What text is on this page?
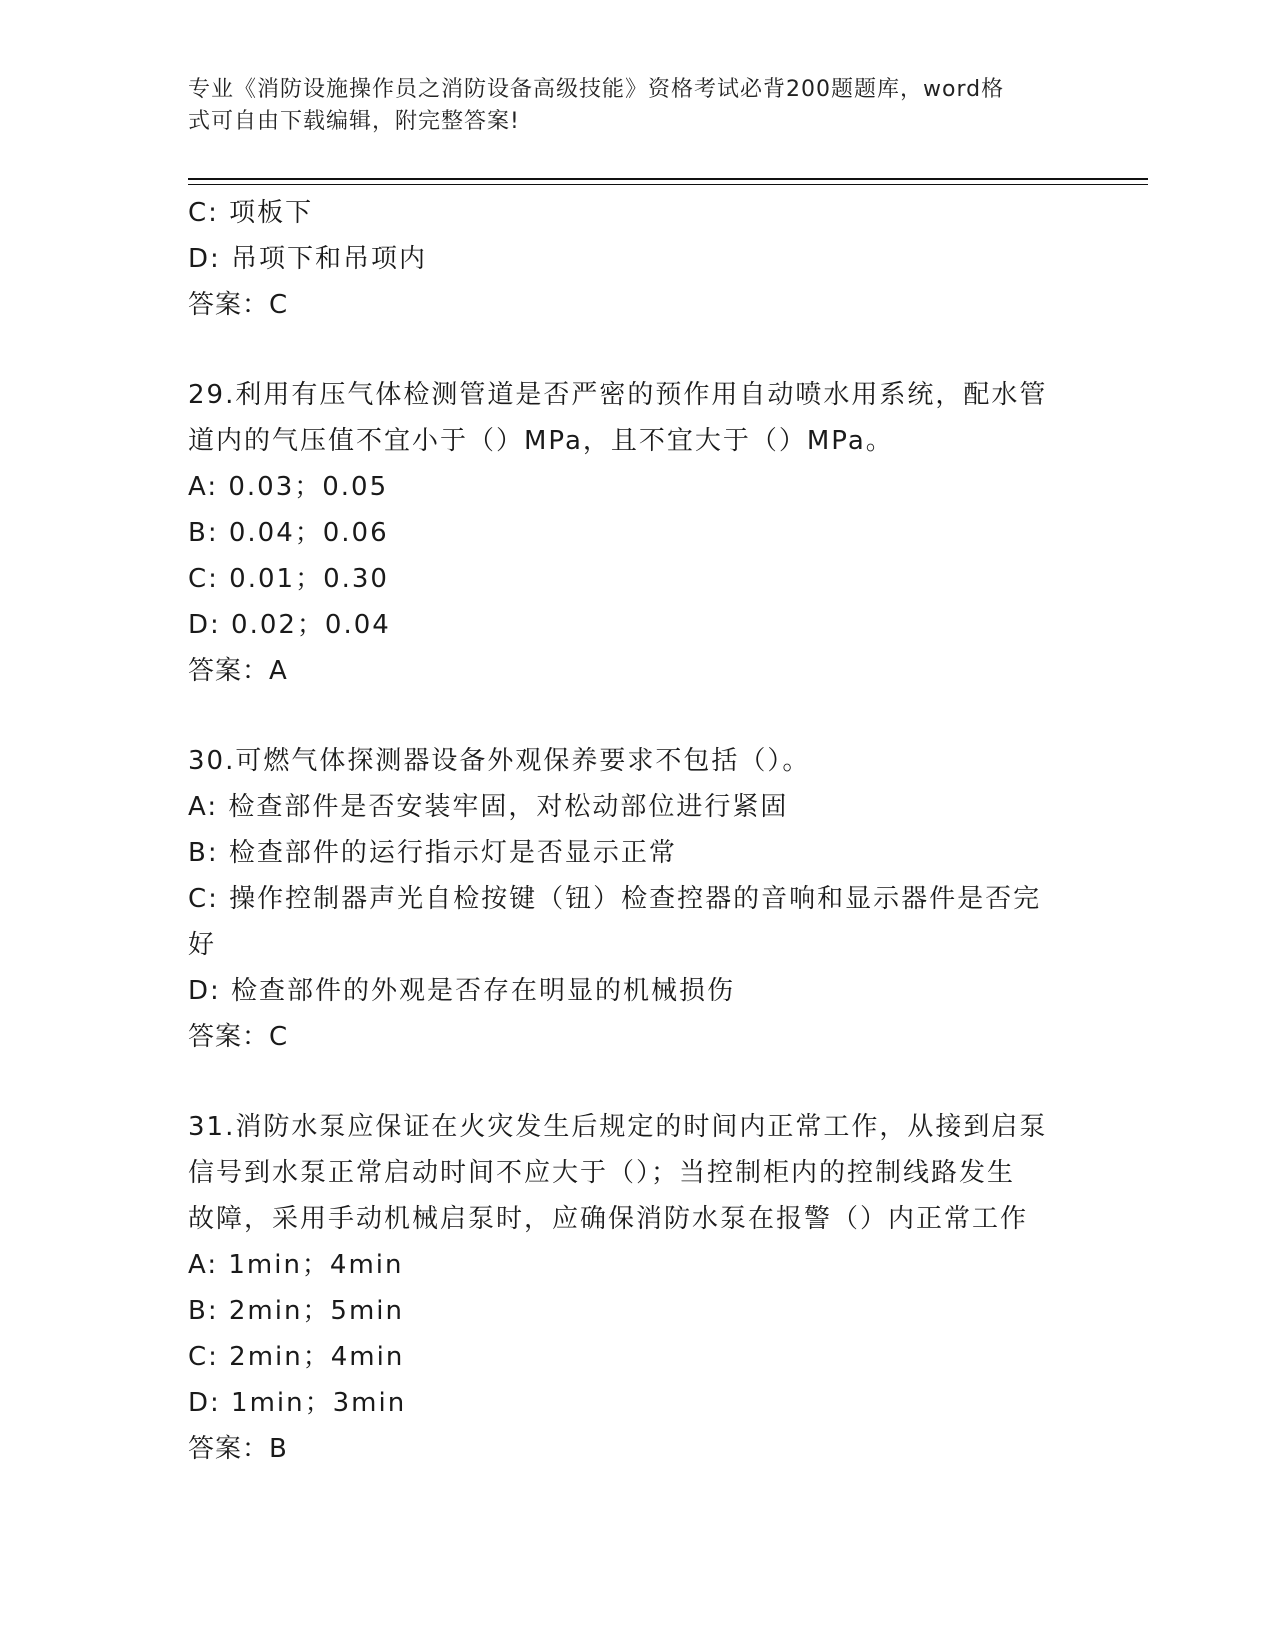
专业《消防设施操作员之消防设备高级技能》资格考试必背200题题库，word格
式可自由下载编辑，附完整答案!
C: 项板下
D: 吊项下和吊项内
答案：C
29.利用有压气体检测管道是否严密的预作用自动喷水用系统，配水管
道内的气压值不宜小于（）MPa，且不宜大于（）MPa。
A: 0.03；0.05
B: 0.04；0.06
C: 0.01；0.30
D: 0.02；0.04
答案：A
30.可燃气体探测器设备外观保养要求不包括（）。
A: 检查部件是否安装牢固，对松动部位进行紧固
B: 检查部件的运行指示灯是否显示正常
C: 操作控制器声光自检按键（钮）检查控器的音响和显示器件是否完
好
D: 检查部件的外观是否存在明显的机械损伤
答案：C
31.消防水泵应保证在火灾发生后规定的时间内正常工作，从接到启泵
信号到水泵正常启动时间不应大于（）；当控制柜内的控制线路发生
故障，采用手动机械启泵时，应确保消防水泵在报警（）内正常工作
A: 1min；4min
B: 2min；5min
C: 2min；4min
D: 1min；3min
答案：B
